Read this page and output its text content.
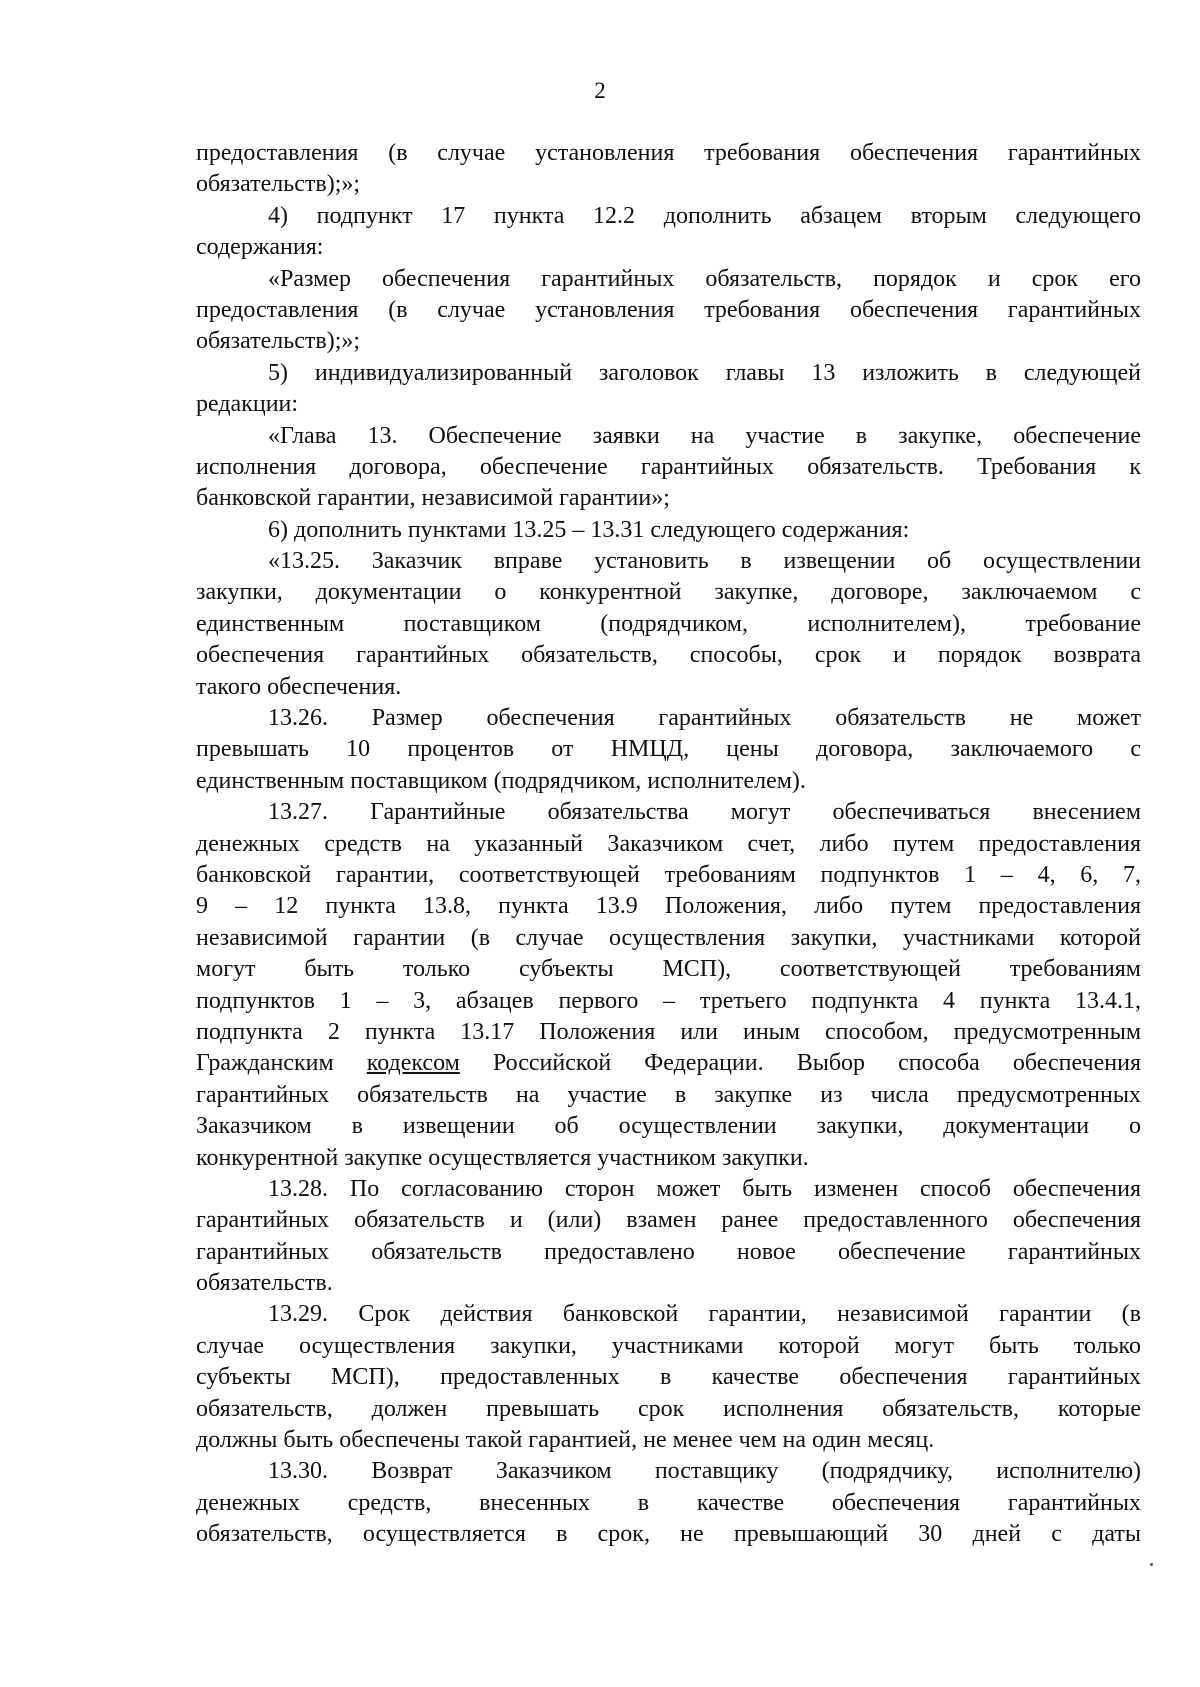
2
предоставления (в случае установления требования обеспечения гарантийных
обязательств);»;
4) подпункт 17 пункта 12.2 дополнить абзацем вторым следующего
содержания:
«Размер обеспечения гарантийных обязательств, порядок и срок его
предоставления (в случае установления требования обеспечения гарантийных
обязательств);»;
5) индивидуализированный заголовок главы 13 изложить в следующей
редакции:
«Глава 13. Обеспечение заявки на участие в закупке, обеспечение
исполнения договора, обеспечение гарантийных обязательств. Требования к
банковской гарантии, независимой гарантии»;
6) дополнить пунктами 13.25 – 13.31 следующего содержания:
«13.25. Заказчик вправе установить в извещении об осуществлении
закупки, документации о конкурентной закупке, договоре, заключаемом с
единственным поставщиком (подрядчиком, исполнителем), требование
обеспечения гарантийных обязательств, способы, срок и порядок возврата
такого обеспечения.
13.26. Размер обеспечения гарантийных обязательств не может
превышать 10 процентов от НМЦД, цены договора, заключаемого с
единственным поставщиком (подрядчиком, исполнителем).
13.27. Гарантийные обязательства могут обеспечиваться внесением
денежных средств на указанный Заказчиком счет, либо путем предоставления
банковской гарантии, соответствующей требованиям подпунктов 1 – 4, 6, 7,
9 – 12 пункта 13.8, пункта 13.9 Положения, либо путем предоставления
независимой гарантии (в случае осуществления закупки, участниками которой
могут быть только субъекты МСП), соответствующей требованиям
подпунктов 1 – 3, абзацев первого – третьего подпункта 4 пункта 13.4.1,
подпункта 2 пункта 13.17 Положения или иным способом, предусмотренным
Гражданским кодексом Российской Федерации. Выбор способа обеспечения
гарантийных обязательств на участие в закупке из числа предусмотренных
Заказчиком в извещении об осуществлении закупки, документации о
конкурентной закупке осуществляется участником закупки.
13.28. По согласованию сторон может быть изменен способ обеспечения
гарантийных обязательств и (или) взамен ранее предоставленного обеспечения
гарантийных обязательств предоставлено новое обеспечение гарантийных
обязательств.
13.29. Срок действия банковской гарантии, независимой гарантии (в
случае осуществления закупки, участниками которой могут быть только
субъекты МСП), предоставленных в качестве обеспечения гарантийных
обязательств, должен превышать срок исполнения обязательств, которые
должны быть обеспечены такой гарантией, не менее чем на один месяц.
13.30. Возврат Заказчиком поставщику (подрядчику, исполнителю)
денежных средств, внесенных в качестве обеспечения гарантийных
обязательств, осуществляется в срок, не превышающий 30 дней с даты
